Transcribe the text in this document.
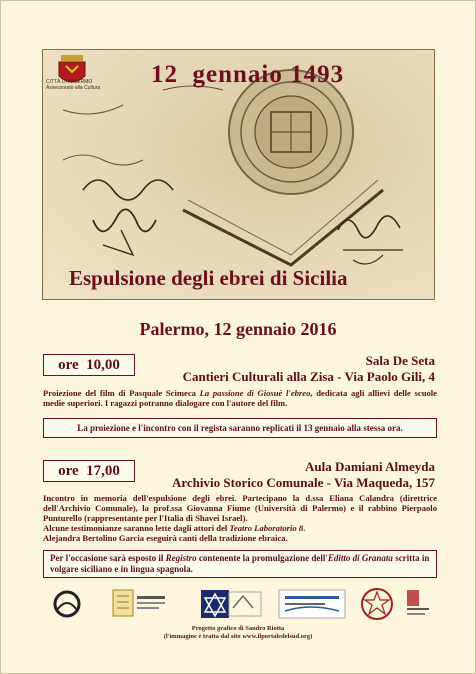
CITTÀ DI PALERMO
Assessorato alla Cultura 12  gennaio 1493
Espulsione degli ebrei di Sicilia
Palermo, 12 gennaio 2016
ore  10,00	Sala De Seta
Cantieri Culturali alla Zisa - Via Paolo Gili, 4
Proiezione del film di Pasquale Scimeca La passione di Giosuè l'ebreo, dedicata agli allievi delle scuole medie superiori. I ragazzi potranno dialogare con l'autore del film.
La proiezione e l'incontro con il regista saranno replicati il 13 gennaio alla stessa ora.
ore  17,00	Aula Damiani Almeyda
Archivio Storico Comunale - Via Maqueda, 157
Incontro in memoria dell'espulsione degli ebrei. Partecipano la d.ssa Eliana Calandra (direttrice dell'Archivio Comunale), la prof.ssa Giovanna Fiume (Università di Palermo) e il rabbino Pierpaolo Punturello (rappresentante per l'Italia di Shavei Israel).
Alcune testimonianze saranno lette dagli attori del Teatro Laboratorio 8.
Alejandra Bertolino Garcia eseguirà canti della tradizione ebraica.
Per l'occasione sarà esposto il Registro contenente la promulgazione dell'Editto di Granata scritta in volgare siciliano e in lingua spagnola.
Progetto grafico di Sandro Riotta
(l'immagine è tratta dal sito www.ilportaledelsud.org)
